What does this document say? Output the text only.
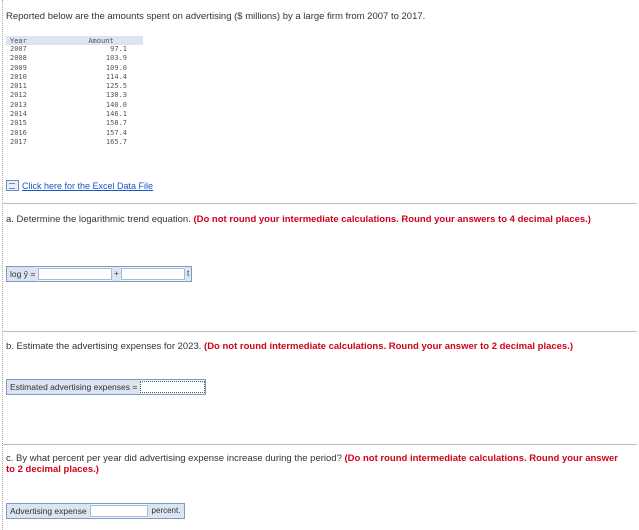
Reported below are the amounts spent on advertising ($ millions) by a large firm from 2007 to 2017.
Year	Amount
2007	97.1
2008	103.9
2009	109.0
2010	114.4
2011	125.5
2012	130.3
2013	140.0
2014	146.1
2015	158.7
2016	157.4
2017	165.7
Click here for the Excel Data File
a. Determine the logarithmic trend equation. (Do not round your intermediate calculations. Round your answers to 4 decimal places.)
log ŷ =	+	t
b. Estimate the advertising expenses for 2023. (Do not round intermediate calculations. Round your answer to 2 decimal places.)
Estimated advertising expenses =
c. By what percent per year did advertising expense increase during the period? (Do not round intermediate calculations. Round your answer to 2 decimal places.)
Advertising expense	percent.
